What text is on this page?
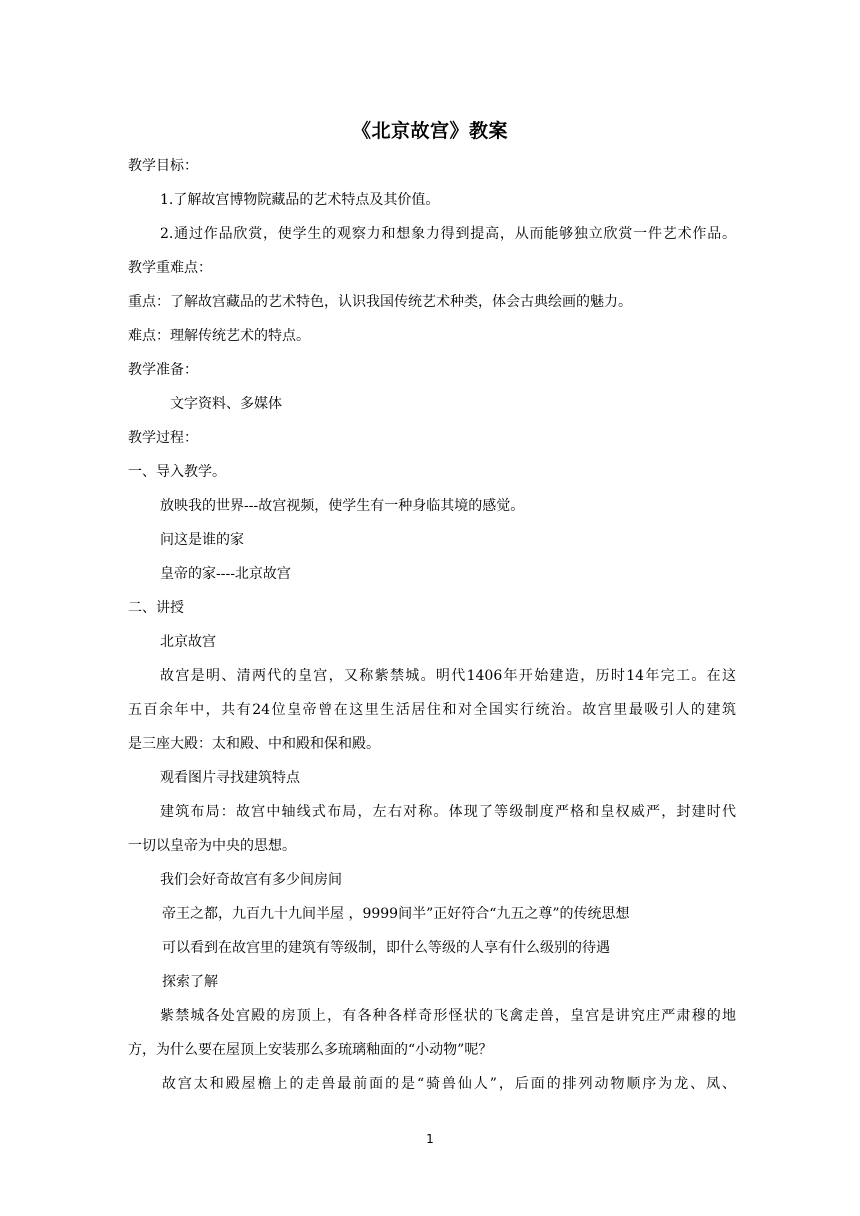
《北京故宫》教案
教学目标：
1.了解故宫博物院藏品的艺术特点及其价值。
2.通过作品欣赏，使学生的观察力和想象力得到提高，从而能够独立欣赏一件艺术作品。
教学重难点：
重点：了解故宫藏品的艺术特色，认识我国传统艺术种类，体会古典绘画的魅力。
难点：理解传统艺术的特点。
教学准备：
文字资料、多媒体
教学过程：
一、导入教学。
放映我的世界---故宫视频，使学生有一种身临其境的感觉。
问这是谁的家
皇帝的家----北京故宫
二、讲授
北京故宫
故宫是明、清两代的皇宫，又称紫禁城。明代1406年开始建造，历时14年完工。在这
五百余年中，共有24位皇帝曾在这里生活居住和对全国实行统治。故宫里最吸引人的建筑
是三座大殿：太和殿、中和殿和保和殿。
观看图片寻找建筑特点
建筑布局：故宫中轴线式布局，左右对称。体现了等级制度严格和皇权威严，封建时代
一切以皇帝为中央的思想。
我们会好奇故宫有多少间房间
帝王之都，九百九十九间半屋 ，9999间半”正好符合“九五之尊”的传统思想
可以看到在故宫里的建筑有等级制，即什么等级的人享有什么级别的待遇
探索了解
紫禁城各处宫殿的房顶上，有各种各样奇形怪状的飞禽走兽，皇宫是讲究庄严肃穆的地
方，为什么要在屋顶上安装那么多琉璃釉面的“小动物”呢？
故宫太和殿屋檐上的走兽最前面的是“骑兽仙人”，后面的排列动物顺序为龙、凤、
1
